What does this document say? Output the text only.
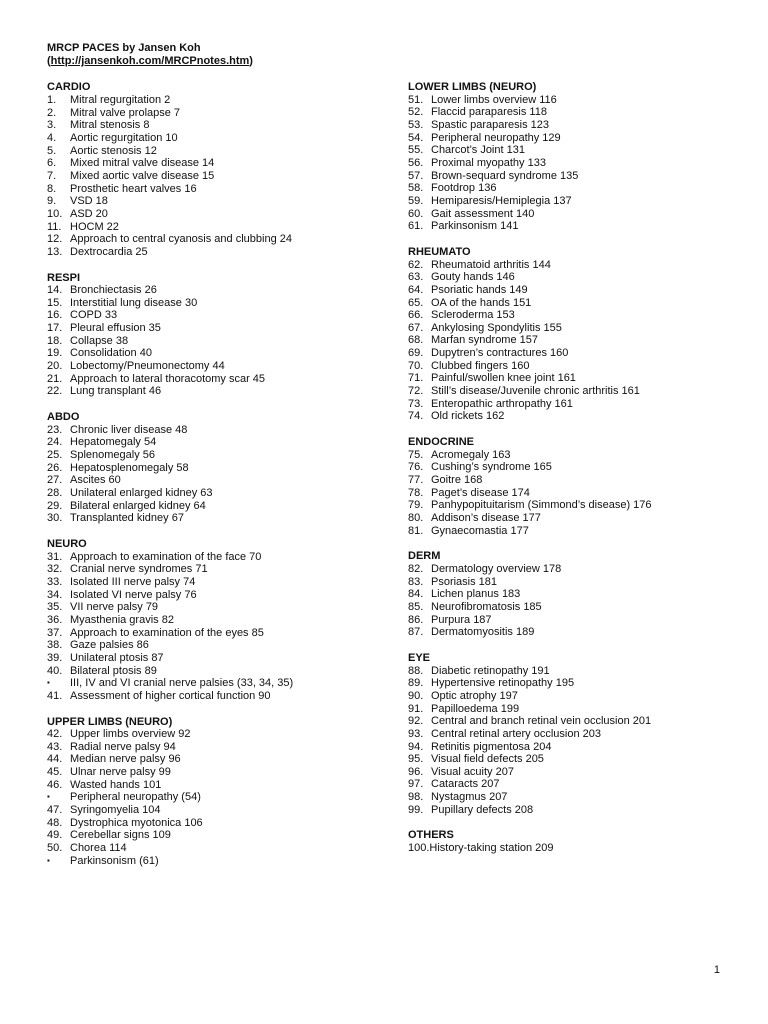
MRCP PACES by Jansen Koh
(http://jansenkoh.com/MRCPnotes.htm)
CARDIO
1.	Mitral regurgitation 2
2.	Mitral valve prolapse 7
3.	Mitral stenosis 8
4.	Aortic regurgitation 10
5.	Aortic stenosis 12
6.	Mixed mitral valve disease 14
7.	Mixed aortic valve disease 15
8.	Prosthetic heart valves 16
9.	VSD 18
10. ASD 20
11. HOCM 22
12. Approach to central cyanosis and clubbing 24
13. Dextrocardia 25
RESPI
14. Bronchiectasis 26
15. Interstitial lung disease 30
16. COPD 33
17. Pleural effusion 35
18. Collapse 38
19. Consolidation 40
20. Lobectomy/Pneumonectomy 44
21. Approach to lateral thoracotomy scar 45
22. Lung transplant 46
ABDO
23. Chronic liver disease 48
24. Hepatomegaly 54
25. Splenomegaly 56
26. Hepatosplenomegaly 58
27. Ascites 60
28. Unilateral enlarged kidney 63
29. Bilateral enlarged kidney 64
30. Transplanted kidney 67
NEURO
31. Approach to examination of the face 70
32. Cranial nerve syndromes 71
33. Isolated III nerve palsy 74
34. Isolated VI nerve palsy 76
35. VII nerve palsy 79
36. Myasthenia gravis 82
37. Approach to examination of the eyes 85
38. Gaze palsies 86
39. Unilateral ptosis 87
40. Bilateral ptosis 89
▪	III, IV and VI cranial nerve palsies (33, 34, 35)
41. Assessment of higher cortical function 90
UPPER LIMBS (NEURO)
42. Upper limbs overview 92
43. Radial nerve palsy 94
44. Median nerve palsy 96
45. Ulnar nerve palsy 99
46. Wasted hands 101
▪	Peripheral neuropathy (54)
47. Syringomyelia 104
48. Dystrophica myotonica 106
49. Cerebellar signs 109
50. Chorea 114
▪	Parkinsonism (61)
LOWER LIMBS (NEURO)
51. Lower limbs overview 116
52. Flaccid paraparesis 118
53. Spastic paraparesis 123
54. Peripheral neuropathy 129
55. Charcot’s Joint 131
56. Proximal myopathy 133
57. Brown-sequard syndrome 135
58. Footdrop 136
59. Hemiparesis/Hemiplegia 137
60. Gait assessment 140
61. Parkinsonism 141
RHEUMATO
62. Rheumatoid arthritis 144
63. Gouty hands 146
64. Psoriatic hands 149
65. OA of the hands 151
66. Scleroderma 153
67. Ankylosing Spondylitis 155
68. Marfan syndrome 157
69. Dupytren’s contractures 160
70. Clubbed fingers 160
71. Painful/swollen knee joint 161
72. Still’s disease/Juvenile chronic arthritis 161
73. Enteropathic arthropathy 161
74. Old rickets 162
ENDOCRINE
75. Acromegaly 163
76. Cushing’s syndrome 165
77. Goitre 168
78. Paget’s disease 174
79. Panhypopituitarism (Simmond’s disease) 176
80. Addison’s disease 177
81. Gynaecomastia 177
DERM
82. Dermatology overview 178
83. Psoriasis 181
84. Lichen planus 183
85. Neurofibromatosis 185
86. Purpura 187
87. Dermatomyositis 189
EYE
88. Diabetic retinopathy 191
89. Hypertensive retinopathy 195
90. Optic atrophy 197
91. Papilloedema 199
92. Central and branch retinal vein occlusion 201
93. Central retinal artery occlusion 203
94. Retinitis pigmentosa 204
95. Visual field defects 205
96. Visual acuity 207
97. Cataracts 207
98. Nystagmus 207
99. Pupillary defects 208
OTHERS
100. History-taking station 209
1
